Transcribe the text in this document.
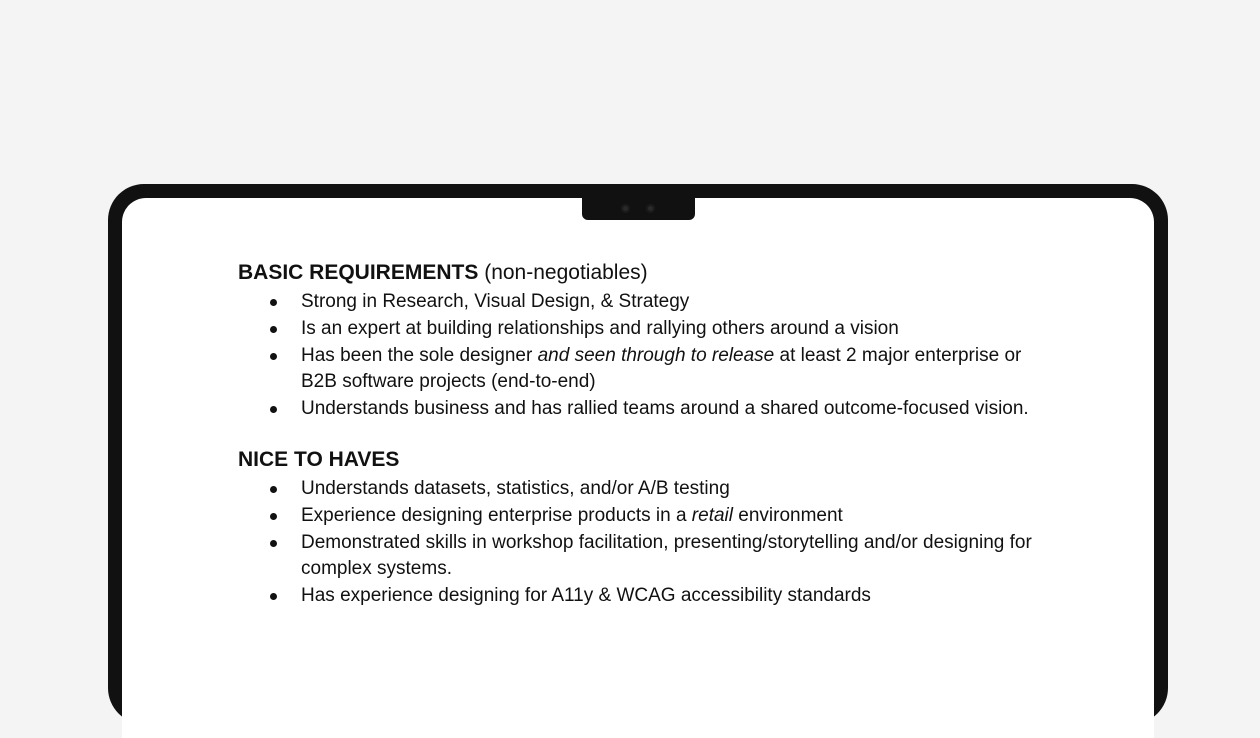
BASIC REQUIREMENTS (non-negotiables)
Strong in Research, Visual Design, & Strategy
Is an expert at building relationships and rallying others around a vision
Has been the sole designer and seen through to release at least 2 major enterprise or B2B software projects (end-to-end)
Understands business and has rallied teams around a shared outcome-focused vision.
NICE TO HAVES
Understands datasets, statistics, and/or A/B testing
Experience designing enterprise products in a retail environment
Demonstrated skills in workshop facilitation, presenting/storytelling and/or designing for complex systems.
Has experience designing for A11y & WCAG accessibility standards
